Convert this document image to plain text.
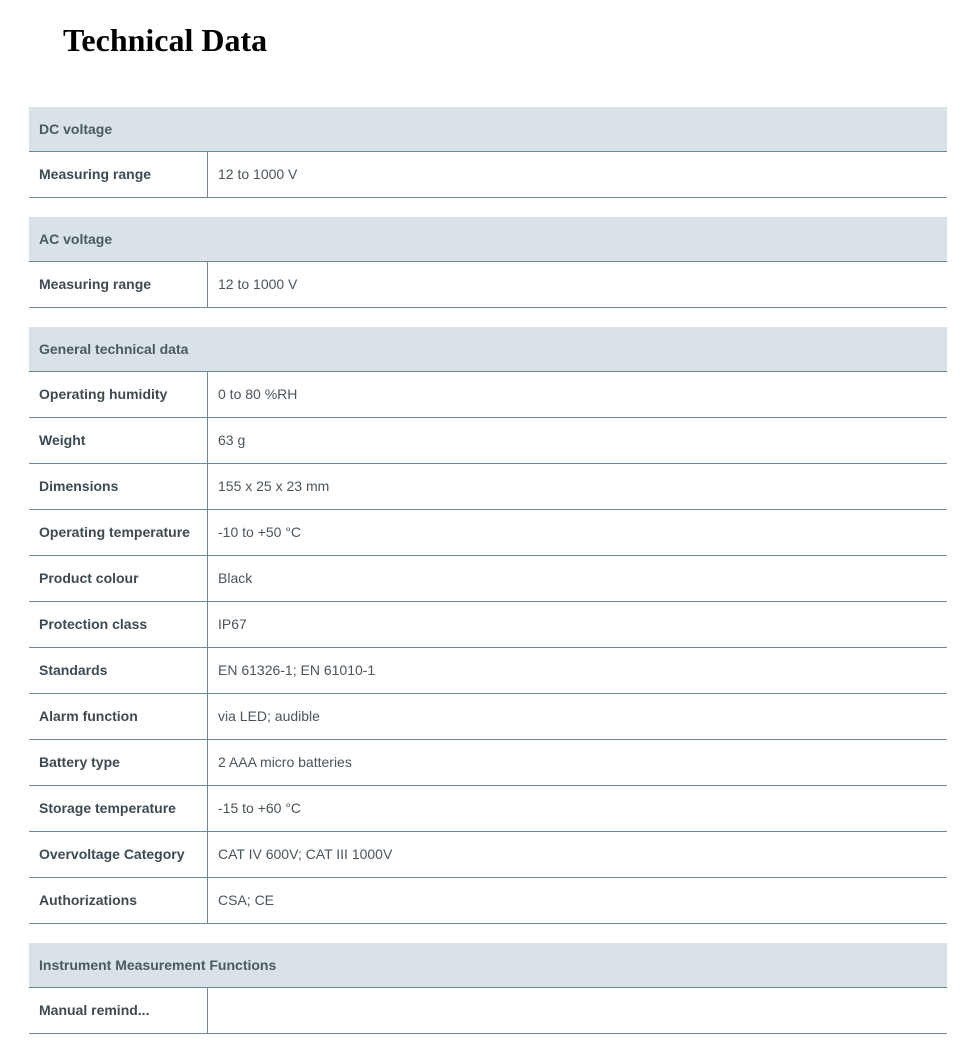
Technical Data
DC voltage
Measuring range	12 to 1000 V
AC voltage
Measuring range	12 to 1000 V
General technical data
Operating humidity	0 to 80 %RH
Weight	63 g
Dimensions	155 x 25 x 23 mm
Operating temperature	-10 to +50 °C
Product colour	Black
Protection class	IP67
Standards	EN 61326-1; EN 61010-1
Alarm function	via LED; audible
Battery type	2 AAA micro batteries
Storage temperature	-15 to +60 °C
Overvoltage Category	CAT IV 600V; CAT III 1000V
Authorizations	CSA; CE
Instrument Measurement Functions
Manual remind...
